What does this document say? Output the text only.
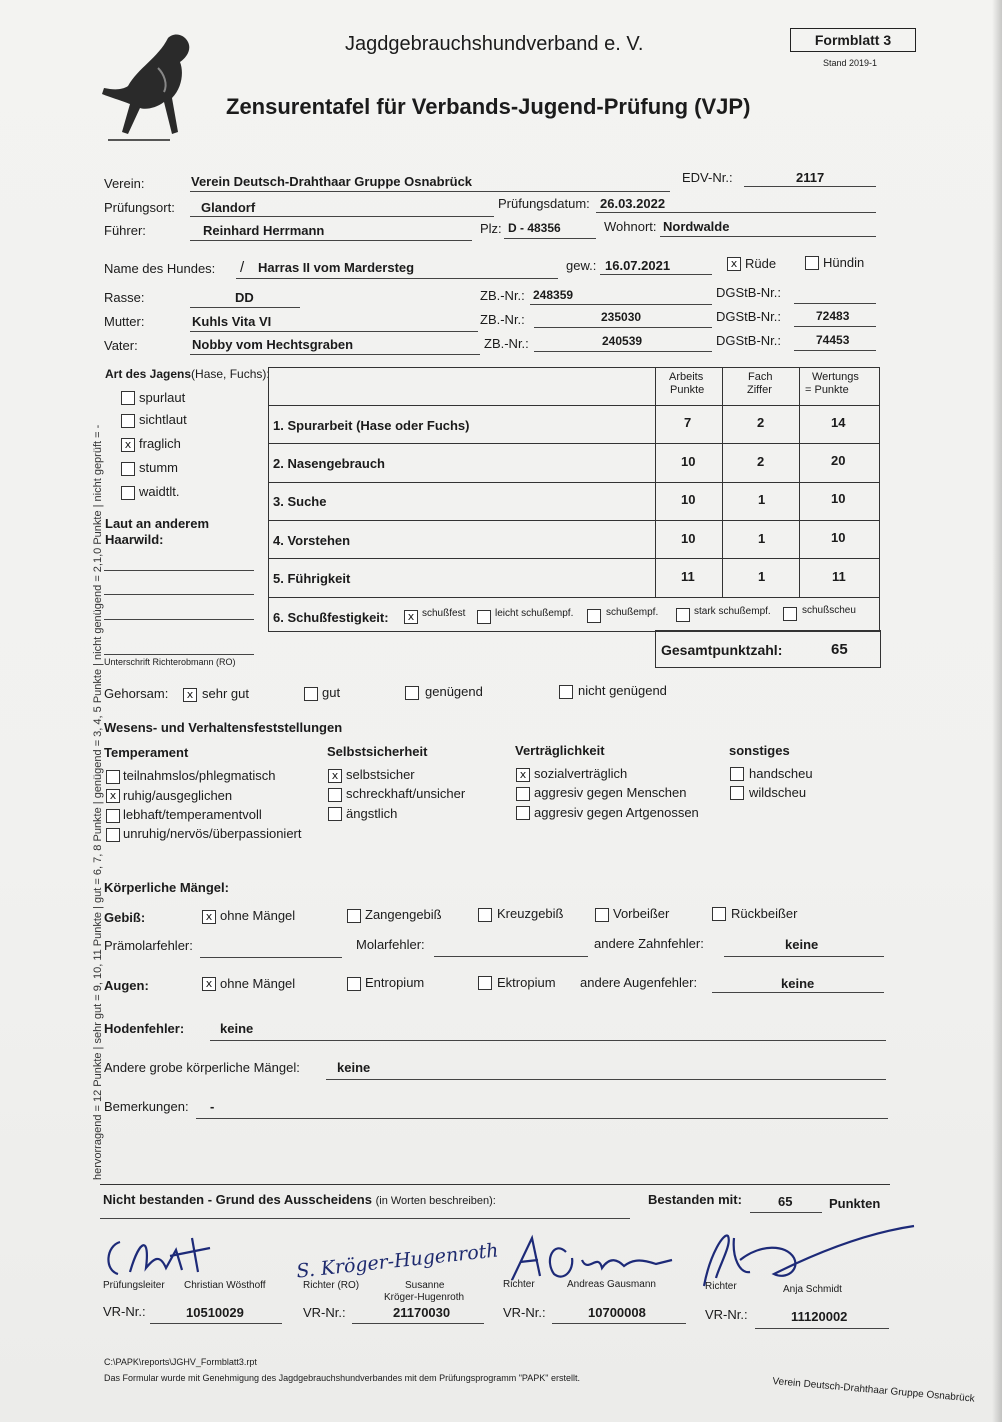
Jagdgebrauchshundverband e. V.	Formblatt 3
Stand 2019-1
Zensurentafel für Verbands-Jugend-Prüfung (VJP)
Verein:	Verein Deutsch-Drahthaar Gruppe Osnabrück	EDV-Nr.:	2117
Prüfungsort: Glandorf	Prüfungsdatum: 26.03.2022
Führer:	Reinhard Herrmann	Plz: D - 48356	Wohnort: Nordwalde
Name des Hundes: / Harras II vom Mardersteg	gew.: 16.07.2021	x Rüde	Hündin
Rasse:	DD	ZB.-Nr.: 248359	DGStB-Nr.:
Mutter:	Kuhls Vita VI	ZB.-Nr.:	235030	DGStB-Nr.:	72483
Vater:	Nobby vom Hechtsgraben	ZB.-Nr.:	240539	DGStB-Nr.:	74453
Art des Jagens(Hase, Fuchs):
spurlaut
sichtlaut
x fraglich
stumm
waidtlt.
Laut an anderem
Haarwild:
Unterschrift Richterobmann (RO)
Arbeits
Punkte
Fach
Ziffer
Wertungs
= Punkte
1. Spurarbeit (Hase oder Fuchs)	7	2	14
2. Nasengebrauch	10	2	20
3. Suche	10	1	10
4. Vorstehen	10	1	10
5. Führigkeit	11	1	11
6. Schußfestigkeit:	x schußfest	leicht schußempf.	schußempf.	stark schußempf.	schußscheu
Gesamtpunktzahl:	65
Gehorsam:	x sehr gut	gut	genügend	nicht genügend
Wesens- und Verhaltensfeststellungen
Temperament
teilnahmslos/phlegmatisch
x ruhig/ausgeglichen
lebhaft/temperamentvoll
unruhig/nervös/überpassioniert
Selbstsicherheit
x selbstsicher
schreckhaft/unsicher
ängstlich
Verträglichkeit
x sozialverträglich
aggresiv gegen Menschen
aggresiv gegen Artgenossen
sonstiges
handscheu
wildscheu
Körperliche Mängel:
Gebiß:	x ohne Mängel	Zangengebiß	Kreuzgebiß	Vorbeißer	Rückbeißer
Prämolarfehler:	Molarfehler:	andere Zahnfehler:	keine
Augen:	x ohne Mängel	Entropium	Ektropium andere Augenfehler:	keine
Hodenfehler:	keine
Andere grobe körperliche Mängel:	keine
Bemerkungen: -
Nicht bestanden - Grund des Ausscheidens (in Worten beschreiben):	Bestanden mit:	65	Punkten
Prüfungsleiter Christian Wösthoff
VR-Nr.:	10510029
S. Kröger-Hugenroth
Richter (RO)	Susanne
Kröger-Hugenroth
VR-Nr.:	21170030
Richter	Andreas Gausmann
VR-Nr.:	10700008
Richter	Anja Schmidt
VR-Nr.:	11120002
C:\PAPK\reports\JGHV_Formblatt3.rpt
Das Formular wurde mit Genehmigung des Jagdgebrauchshundverbandes mit dem Prüfungsprogramm "PAPK" erstellt.	Verein Deutsch-Drahthaar Gruppe Osnabrück
hervorragend = 12 Punkte | sehr gut = 9, 10, 11 Punkte | gut = 6, 7, 8 Punkte | genügend = 3, 4, 5 Punkte | nicht genügend = 2,1,0 Punkte | nicht geprüft = -
